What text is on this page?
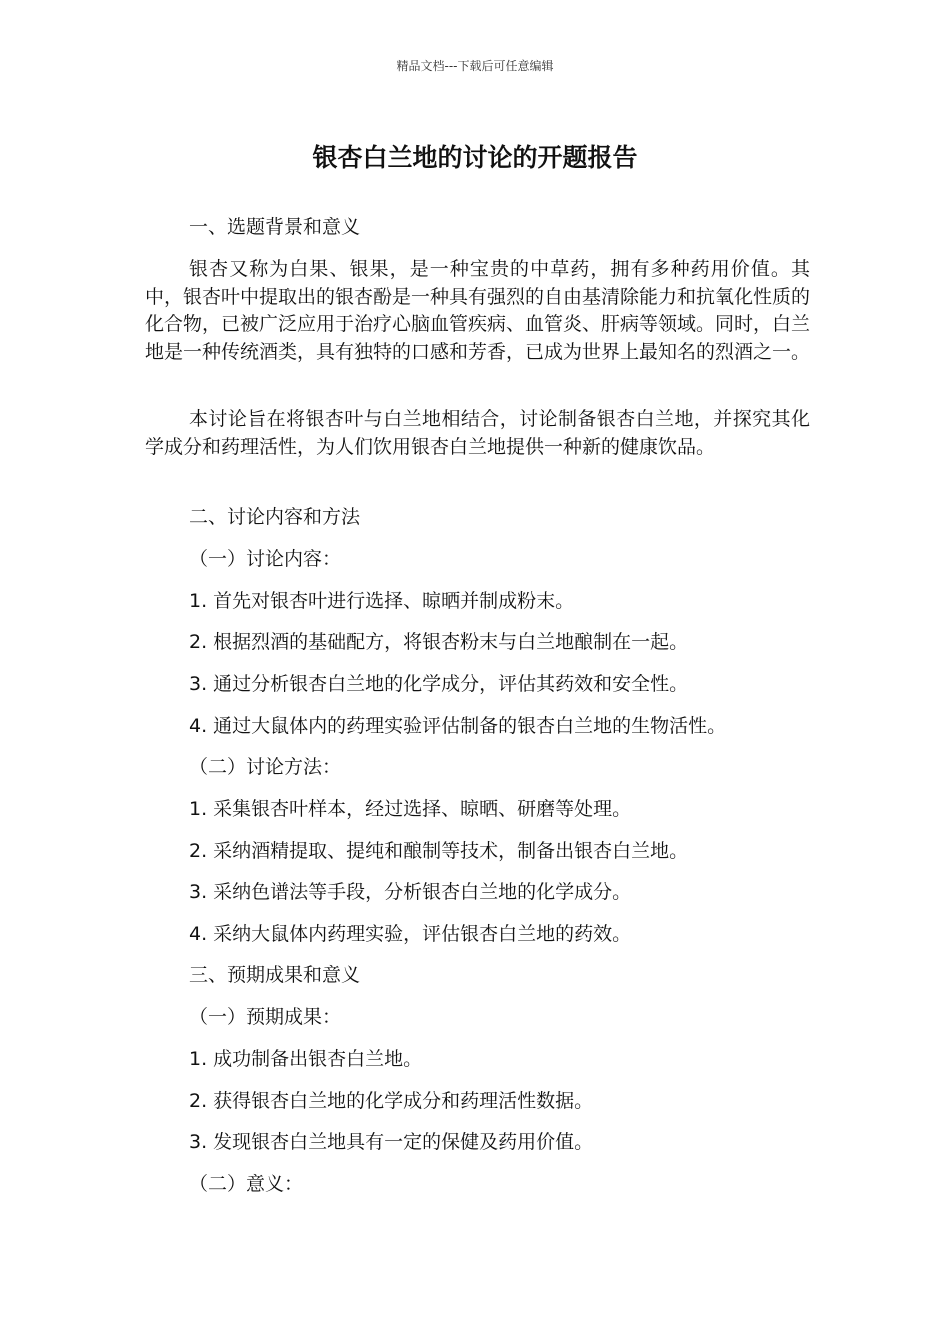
精品文档---下载后可任意编辑
银杏白兰地的讨论的开题报告
一、选题背景和意义
银杏又称为白果、银果，是一种宝贵的中草药，拥有多种药用价值。其中，银杏叶中提取出的银杏酚是一种具有强烈的自由基清除能力和抗氧化性质的化合物，已被广泛应用于治疗心脑血管疾病、血管炎、肝病等领域。同时，白兰地是一种传统酒类，具有独特的口感和芳香，已成为世界上最知名的烈酒之一。
本讨论旨在将银杏叶与白兰地相结合，讨论制备银杏白兰地，并探究其化学成分和药理活性，为人们饮用银杏白兰地提供一种新的健康饮品。
二、讨论内容和方法
（一）讨论内容：
1. 首先对银杏叶进行选择、晾晒并制成粉末。
2. 根据烈酒的基础配方，将银杏粉末与白兰地酿制在一起。
3. 通过分析银杏白兰地的化学成分，评估其药效和安全性。
4. 通过大鼠体内的药理实验评估制备的银杏白兰地的生物活性。
（二）讨论方法：
1. 采集银杏叶样本，经过选择、晾晒、研磨等处理。
2. 采纳酒精提取、提纯和酿制等技术，制备出银杏白兰地。
3. 采纳色谱法等手段，分析银杏白兰地的化学成分。
4. 采纳大鼠体内药理实验，评估银杏白兰地的药效。
三、预期成果和意义
（一）预期成果：
1. 成功制备出银杏白兰地。
2. 获得银杏白兰地的化学成分和药理活性数据。
3. 发现银杏白兰地具有一定的保健及药用价值。
（二）意义：
